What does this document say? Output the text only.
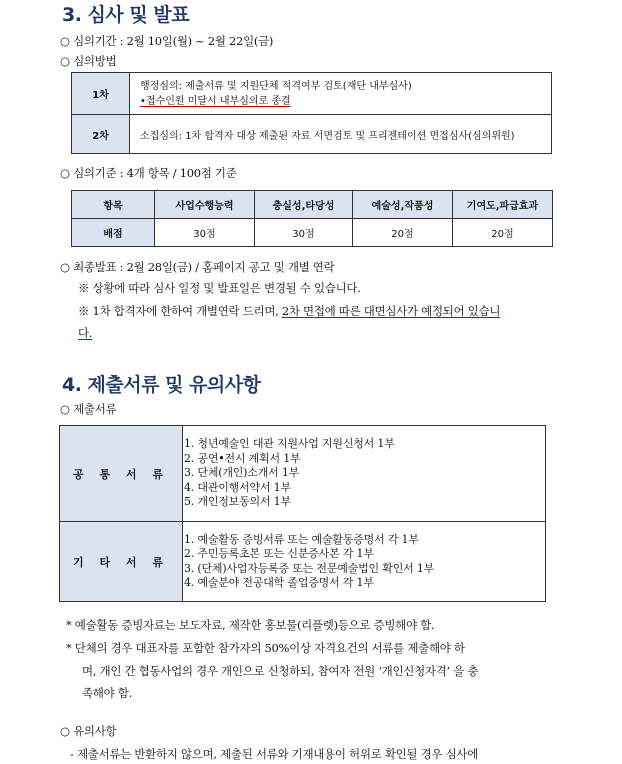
3. 심사 및 발표
○ 심의기간 : 2월 10일(월) ~ 2월 22일(금)
○ 심의방법
1차	행정심의: 제출서류 및 지원단체 적격여부 검토(재단 내부심사)
•접수인원 미달시 내부심의로 종결

2차	소집심의: 1차 합격자 대상 제출된 자료 서면검토 및 프리젠테이션 면접심사(심의위원)
○ 심의기준 : 4개 항목 / 100점 기준
항목	사업수행능력	충실성,타당성	예술성,작품성	기여도,파급효과
배점	30점	30점	20점	20점
○ 최종발표 : 2월 28일(금) / 홈페이지 공고 및 개별 연락
※ 상황에 따라 심사 일정 및 발표일은 변경될 수 있습니다.
※ 1차 합격자에 한하여 개별연락 드리며, 2차 면접에 따른 대면심사가 예정되어 있습니
다.
4. 제출서류 및 유의사항
○ 제출서류
공 통 서 류	1. 청년예술인 대관 지원사업 지원신청서 1부
2. 공연•전시 계획서 1부
3. 단체(개인)소개서 1부
4. 대관이행서약서 1부
5. 개인정보동의서 1부

기 타 서 류	1. 예술활동 증빙서류 또는 예술활동증명서 각 1부
2. 주민등록초본 또는 신분증사본 각 1부
3. (단체)사업자등록증 또는 전문예술법인 확인서 1부
4. 예술분야 전공대학 졸업증명서 각 1부
* 예술활동 증빙자료는 보도자료, 제작한 홍보물(리플렛)등으로 증빙해야 함.
* 단체의 경우 대표자를 포함한 참가자의 50%이상 자격요건의 서류를 제출해야 하
며, 개인 간 협동사업의 경우 개인으로 신청하되, 참여자 전원 ‘개인신청자격’ 을 충
족해야 함.
○ 유의사항
- 제출서류는 반환하지 않으며, 제출된 서류와 기재내용이 허위로 확인될 경우 심사에
